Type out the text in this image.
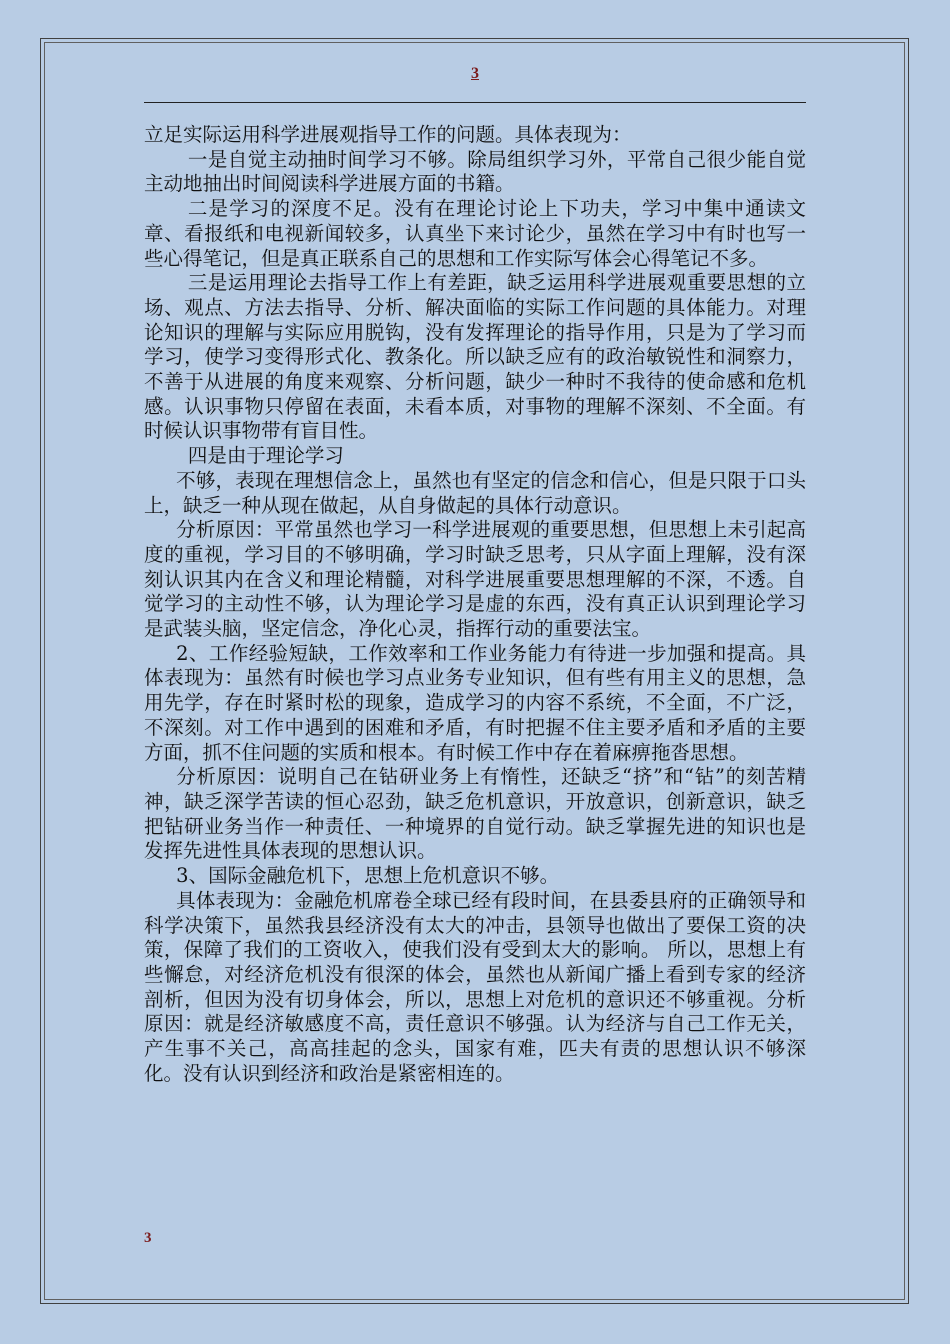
3

立足实际运用科学进展观指导工作的问题。具体表现为：

一是自觉主动抽时间学习不够。除局组织学习外，平常自己很少能自觉主动地抽出时间阅读科学进展方面的书籍。

二是学习的深度不足。没有在理论讨论上下功夫，学习中集中通读文章、看报纸和电视新闻较多，认真坐下来讨论少，虽然在学习中有时也写一些心得笔记，但是真正联系自己的思想和工作实际写体会心得笔记不多。

三是运用理论去指导工作上有差距，缺乏运用科学进展观重要思想的立场、观点、方法去指导、分析、解决面临的实际工作问题的具体能力。对理论知识的理解与实际应用脱钩，没有发挥理论的指导作用，只是为了学习而学习，使学习变得形式化、教条化。所以缺乏应有的政治敏锐性和洞察力，不善于从进展的角度来观察、分析问题，缺少一种时不我待的使命感和危机感。认识事物只停留在表面，未看本质，对事物的理解不深刻、不全面。有时候认识事物带有盲目性。

四是由于理论学习

不够，表现在理想信念上，虽然也有坚定的信念和信心，但是只限于口头上，缺乏一种从现在做起，从自身做起的具体行动意识。

分析原因：平常虽然也学习一科学进展观的重要思想，但思想上未引起高度的重视，学习目的不够明确，学习时缺乏思考，只从字面上理解，没有深刻认识其内在含义和理论精髓，对科学进展重要思想理解的不深，不透。自觉学习的主动性不够，认为理论学习是虚的东西，没有真正认识到理论学习是武装头脑，坚定信念，净化心灵，指挥行动的重要法宝。

2、工作经验短缺，工作效率和工作业务能力有待进一步加强和提高。具体表现为：虽然有时候也学习点业务专业知识，但有些有用主义的思想，急用先学，存在时紧时松的现象，造成学习的内容不系统，不全面，不广泛，不深刻。对工作中遇到的困难和矛盾，有时把握不住主要矛盾和矛盾的主要方面，抓不住问题的实质和根本。有时候工作中存在着麻痹拖沓思想。

分析原因：说明自己在钻研业务上有惰性，还缺乏“挤”和“钻”的刻苦精神，缺乏深学苦读的恒心忍劲，缺乏危机意识，开放意识，创新意识，缺乏把钻研业务当作一种责任、一种境界的自觉行动。缺乏掌握先进的知识也是发挥先进性具体表现的思想认识。

3、国际金融危机下，思想上危机意识不够。

具体表现为：金融危机席卷全球已经有段时间，在县委县府的正确领导和科学决策下，虽然我县经济没有太大的冲击，县领导也做出了要保工资的决策，保障了我们的工资收入，使我们没有受到太大的影响。 所以，思想上有些懈怠，对经济危机没有很深的体会，虽然也从新闻广播上看到专家的经济剖析，但因为没有切身体会，所以，思想上对危机的意识还不够重视。分析原因：就是经济敏感度不高，责任意识不够强。认为经济与自己工作无关，产生事不关己，高高挂起的念头，国家有难，匹夫有责的思想认识不够深化。没有认识到经济和政治是紧密相连的。

3
